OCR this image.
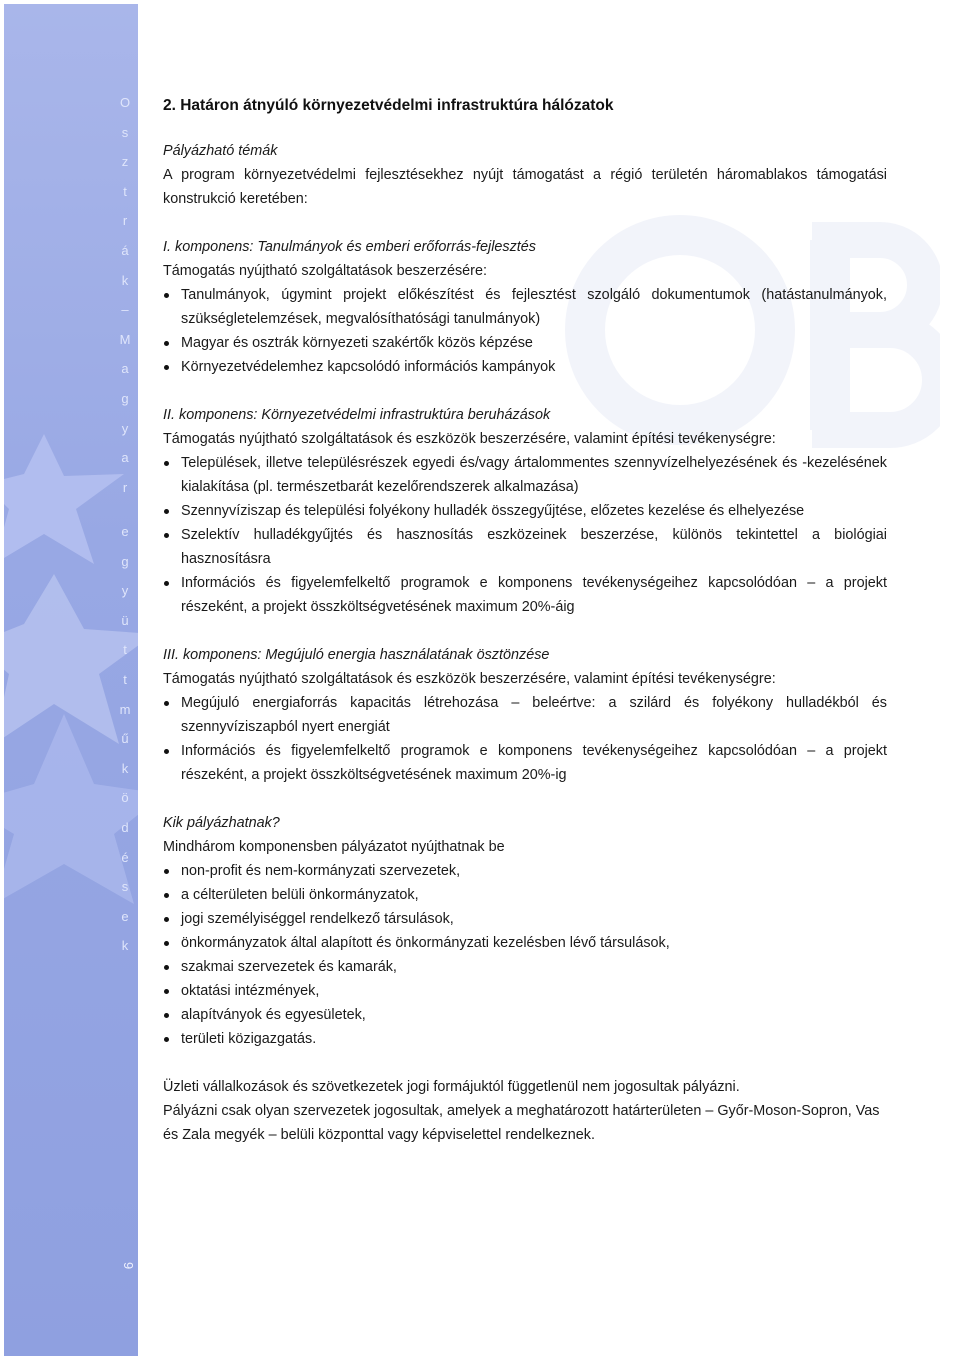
O

s

z

t

r

á

k

–

M

a

g

y

a

r

e

g

y

ü

t

t

m

ű

k

ö

d

é

s

e

k
6
2. Határon átnyúló környezetvédelmi infrastruktúra hálózatok

Pályázható témák

A program környezetvédelmi fejlesztésekhez nyújt támogatást a régió területén háromablakos támogatási konstrukció keretében:

I. komponens: Tanulmányok és emberi erőforrás-fejlesztés

Támogatás nyújtható szolgáltatások beszerzésére:

Tanulmányok, úgymint projekt előkészítést és fejlesztést szolgáló dokumentumok (hatástanulmányok, szükségletelemzések, megvalósíthatósági tanulmányok)
Magyar és osztrák környezeti szakértők közös képzése
Környezetvédelemhez kapcsolódó információs kampányok

II. komponens: Környezetvédelmi infrastruktúra beruházások

Támogatás nyújtható szolgáltatások és eszközök beszerzésére, valamint építési tevékenységre:

Települések, illetve településrészek egyedi és/vagy ártalommentes szennyvízelhelyezésének és -kezelésének kialakítása (pl. természetbarát kezelőrendszerek alkalmazása)
Szennyvíziszap és települési folyékony hulladék összegyűjtése, előzetes kezelése és elhelyezése
Szelektív hulladékgyűjtés és hasznosítás eszközeinek beszerzése, különös tekintettel a biológiai hasznosításra
Információs és figyelemfelkeltő programok e komponens tevékenységeihez kapcsolódóan – a projekt részeként, a projekt összköltségvetésének maximum 20%-áig

III. komponens: Megújuló energia használatának ösztönzése

Támogatás nyújtható szolgáltatások és eszközök beszerzésére, valamint építési tevékenységre:

Megújuló energiaforrás kapacitás létrehozása – beleértve: a szilárd és folyékony hulladékból és szennyvíziszapból nyert energiát
Információs és figyelemfelkeltő programok e komponens tevékenységeihez kapcsolódóan – a projekt részeként, a projekt összköltségvetésének maximum 20%-ig

Kik pályázhatnak?

Mindhárom komponensben pályázatot nyújthatnak be

non-profit és nem-kormányzati szervezetek,
a célterületen belüli önkormányzatok,
jogi személyiséggel rendelkező társulások,
önkormányzatok által alapított és önkormányzati kezelésben lévő társulások,
szakmai szervezetek és kamarák,
oktatási intézmények,
alapítványok és egyesületek,
területi közigazgatás.

Üzleti vállalkozások és szövetkezetek jogi formájuktól függetlenül nem jogosultak pályázni.

Pályázni csak olyan szervezetek jogosultak, amelyek a meghatározott határterületen – Győr-Moson-Sopron, Vas és Zala megyék – belüli központtal vagy képviselettel rendelkeznek.
